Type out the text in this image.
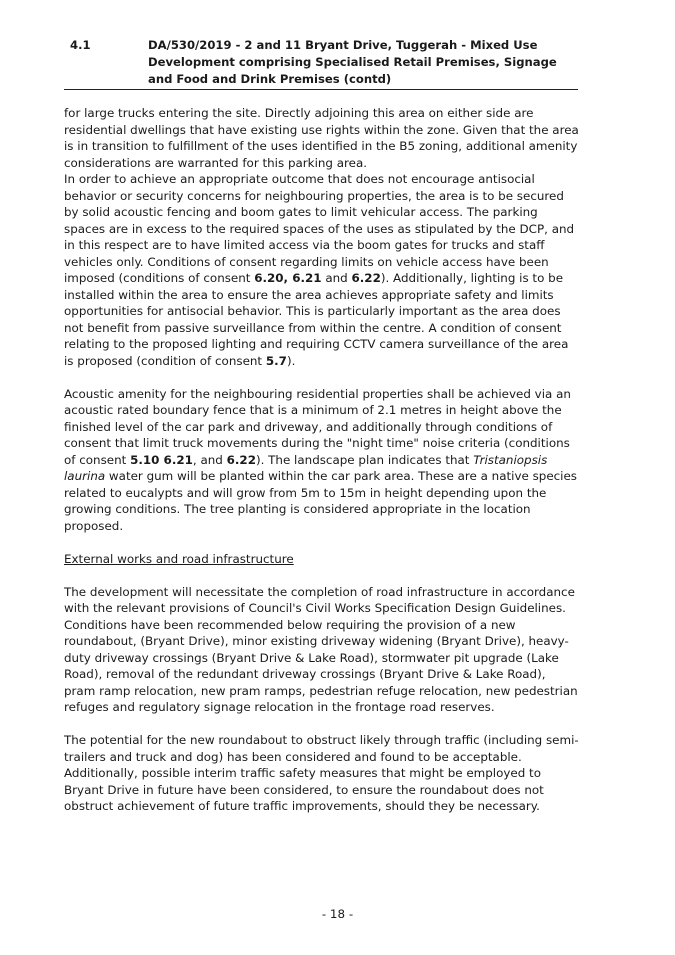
4.1	DA/530/2019 - 2 and 11 Bryant Drive, Tuggerah - Mixed Use Development comprising Specialised Retail Premises, Signage and Food and Drink Premises (contd)

for large trucks entering the site. Directly adjoining this area on either side are residential dwellings that have existing use rights within the zone. Given that the area is in transition to fulfillment of the uses identified in the B5 zoning, additional amenity considerations are warranted for this parking area.

In order to achieve an appropriate outcome that does not encourage antisocial behavior or security concerns for neighbouring properties, the area is to be secured by solid acoustic fencing and boom gates to limit vehicular access. The parking spaces are in excess to the required spaces of the uses as stipulated by the DCP, and in this respect are to have limited access via the boom gates for trucks and staff vehicles only. Conditions of consent regarding limits on vehicle access have been imposed (conditions of consent 6.20, 6.21 and 6.22). Additionally, lighting is to be installed within the area to ensure the area achieves appropriate safety and limits opportunities for antisocial behavior. This is particularly important as the area does not benefit from passive surveillance from within the centre. A condition of consent relating to the proposed lighting and requiring CCTV camera surveillance of the area is proposed (condition of consent 5.7).

Acoustic amenity for the neighbouring residential properties shall be achieved via an acoustic rated boundary fence that is a minimum of 2.1 metres in height above the finished level of the car park and driveway, and additionally through conditions of consent that limit truck movements during the "night time" noise criteria (conditions of consent 5.10 6.21, and 6.22). The landscape plan indicates that Tristaniopsis laurina water gum will be planted within the car park area. These are a native species related to eucalypts and will grow from 5m to 15m in height depending upon the growing conditions. The tree planting is considered appropriate in the location proposed.

External works and road infrastructure

The development will necessitate the completion of road infrastructure in accordance with the relevant provisions of Council's Civil Works Specification Design Guidelines. Conditions have been recommended below requiring the provision of a new roundabout, (Bryant Drive), minor existing driveway widening (Bryant Drive), heavy-duty driveway crossings (Bryant Drive & Lake Road), stormwater pit upgrade (Lake Road), removal of the redundant driveway crossings (Bryant Drive & Lake Road), pram ramp relocation, new pram ramps, pedestrian refuge relocation, new pedestrian refuges and regulatory signage relocation in the frontage road reserves.

The potential for the new roundabout to obstruct likely through traffic (including semi-trailers and truck and dog) has been considered and found to be acceptable. Additionally, possible interim traffic safety measures that might be employed to Bryant Drive in future have been considered, to ensure the roundabout does not obstruct achievement of future traffic improvements, should they be necessary.

- 18 -
